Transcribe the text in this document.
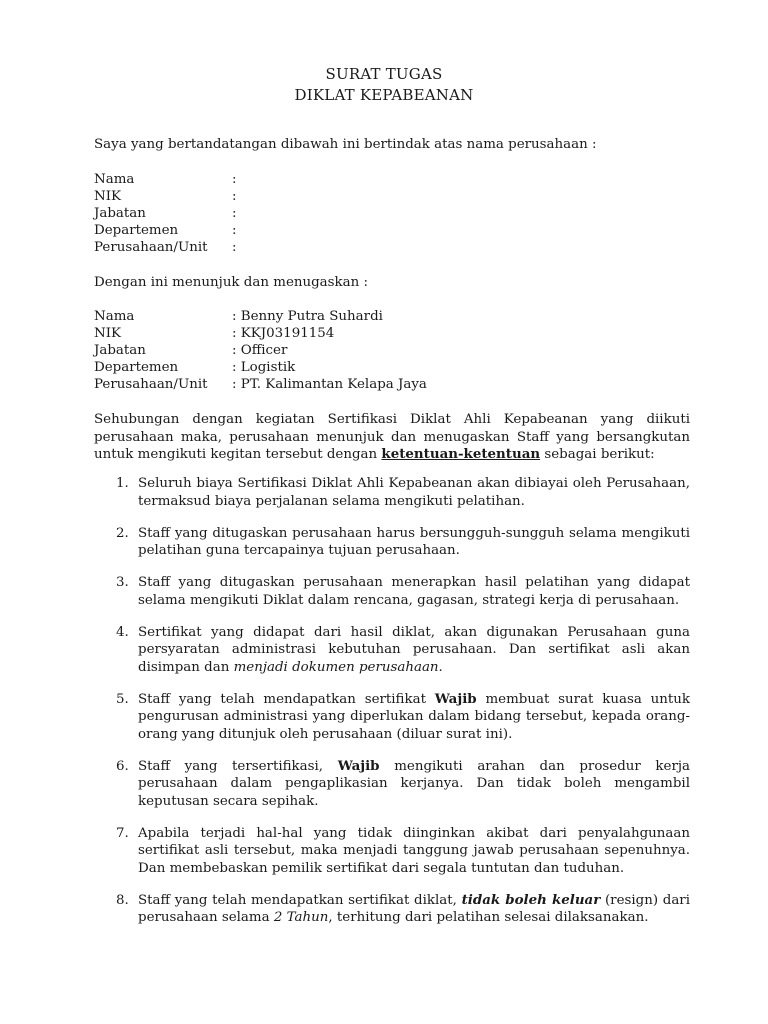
SURAT TUGAS
DIKLAT KEPABEANAN
Saya yang bertandatangan dibawah ini bertindak atas nama perusahaan :
Nama	:
NIK	:
Jabatan	:
Departemen	:
Perusahaan/Unit :
Dengan ini menunjuk dan menugaskan :
Nama	: Benny Putra Suhardi
NIK	: KKJ03191154
Jabatan	: Officer
Departemen	: Logistik
Perusahaan/Unit : PT. Kalimantan Kelapa Jaya
Sehubungan dengan kegiatan Sertifikasi Diklat Ahli Kepabeanan yang diikuti perusahaan maka, perusahaan menunjuk dan menugaskan Staff yang bersangkutan untuk mengikuti kegitan tersebut dengan ketentuan-ketentuan sebagai berikut:
1. Seluruh biaya Sertifikasi Diklat Ahli Kepabeanan akan dibiayai oleh Perusahaan, termaksud biaya perjalanan selama mengikuti pelatihan.
2. Staff yang ditugaskan perusahaan harus bersungguh-sungguh selama mengikuti pelatihan guna tercapainya tujuan perusahaan.
3. Staff yang ditugaskan perusahaan menerapkan hasil pelatihan yang didapat selama mengikuti Diklat dalam rencana, gagasan, strategi kerja di perusahaan.
4. Sertifikat yang didapat dari hasil diklat, akan digunakan Perusahaan guna persyaratan administrasi kebutuhan perusahaan. Dan sertifikat asli akan disimpan dan menjadi dokumen perusahaan.
5. Staff yang telah mendapatkan sertifikat Wajib membuat surat kuasa untuk pengurusan administrasi yang diperlukan dalam bidang tersebut, kepada orang-orang yang ditunjuk oleh perusahaan (diluar surat ini).
6. Staff yang tersertifikasi, Wajib mengikuti arahan dan prosedur kerja perusahaan dalam pengaplikasian kerjanya. Dan tidak boleh mengambil keputusan secara sepihak.
7. Apabila terjadi hal-hal yang tidak diinginkan akibat dari penyalahgunaan sertifikat asli tersebut, maka menjadi tanggung jawab perusahaan sepenuhnya. Dan membebaskan pemilik sertifikat dari segala tuntutan dan tuduhan.
8. Staff yang telah mendapatkan sertifikat diklat, tidak boleh keluar (resign) dari perusahaan selama 2 Tahun, terhitung dari pelatihan selesai dilaksanakan.
